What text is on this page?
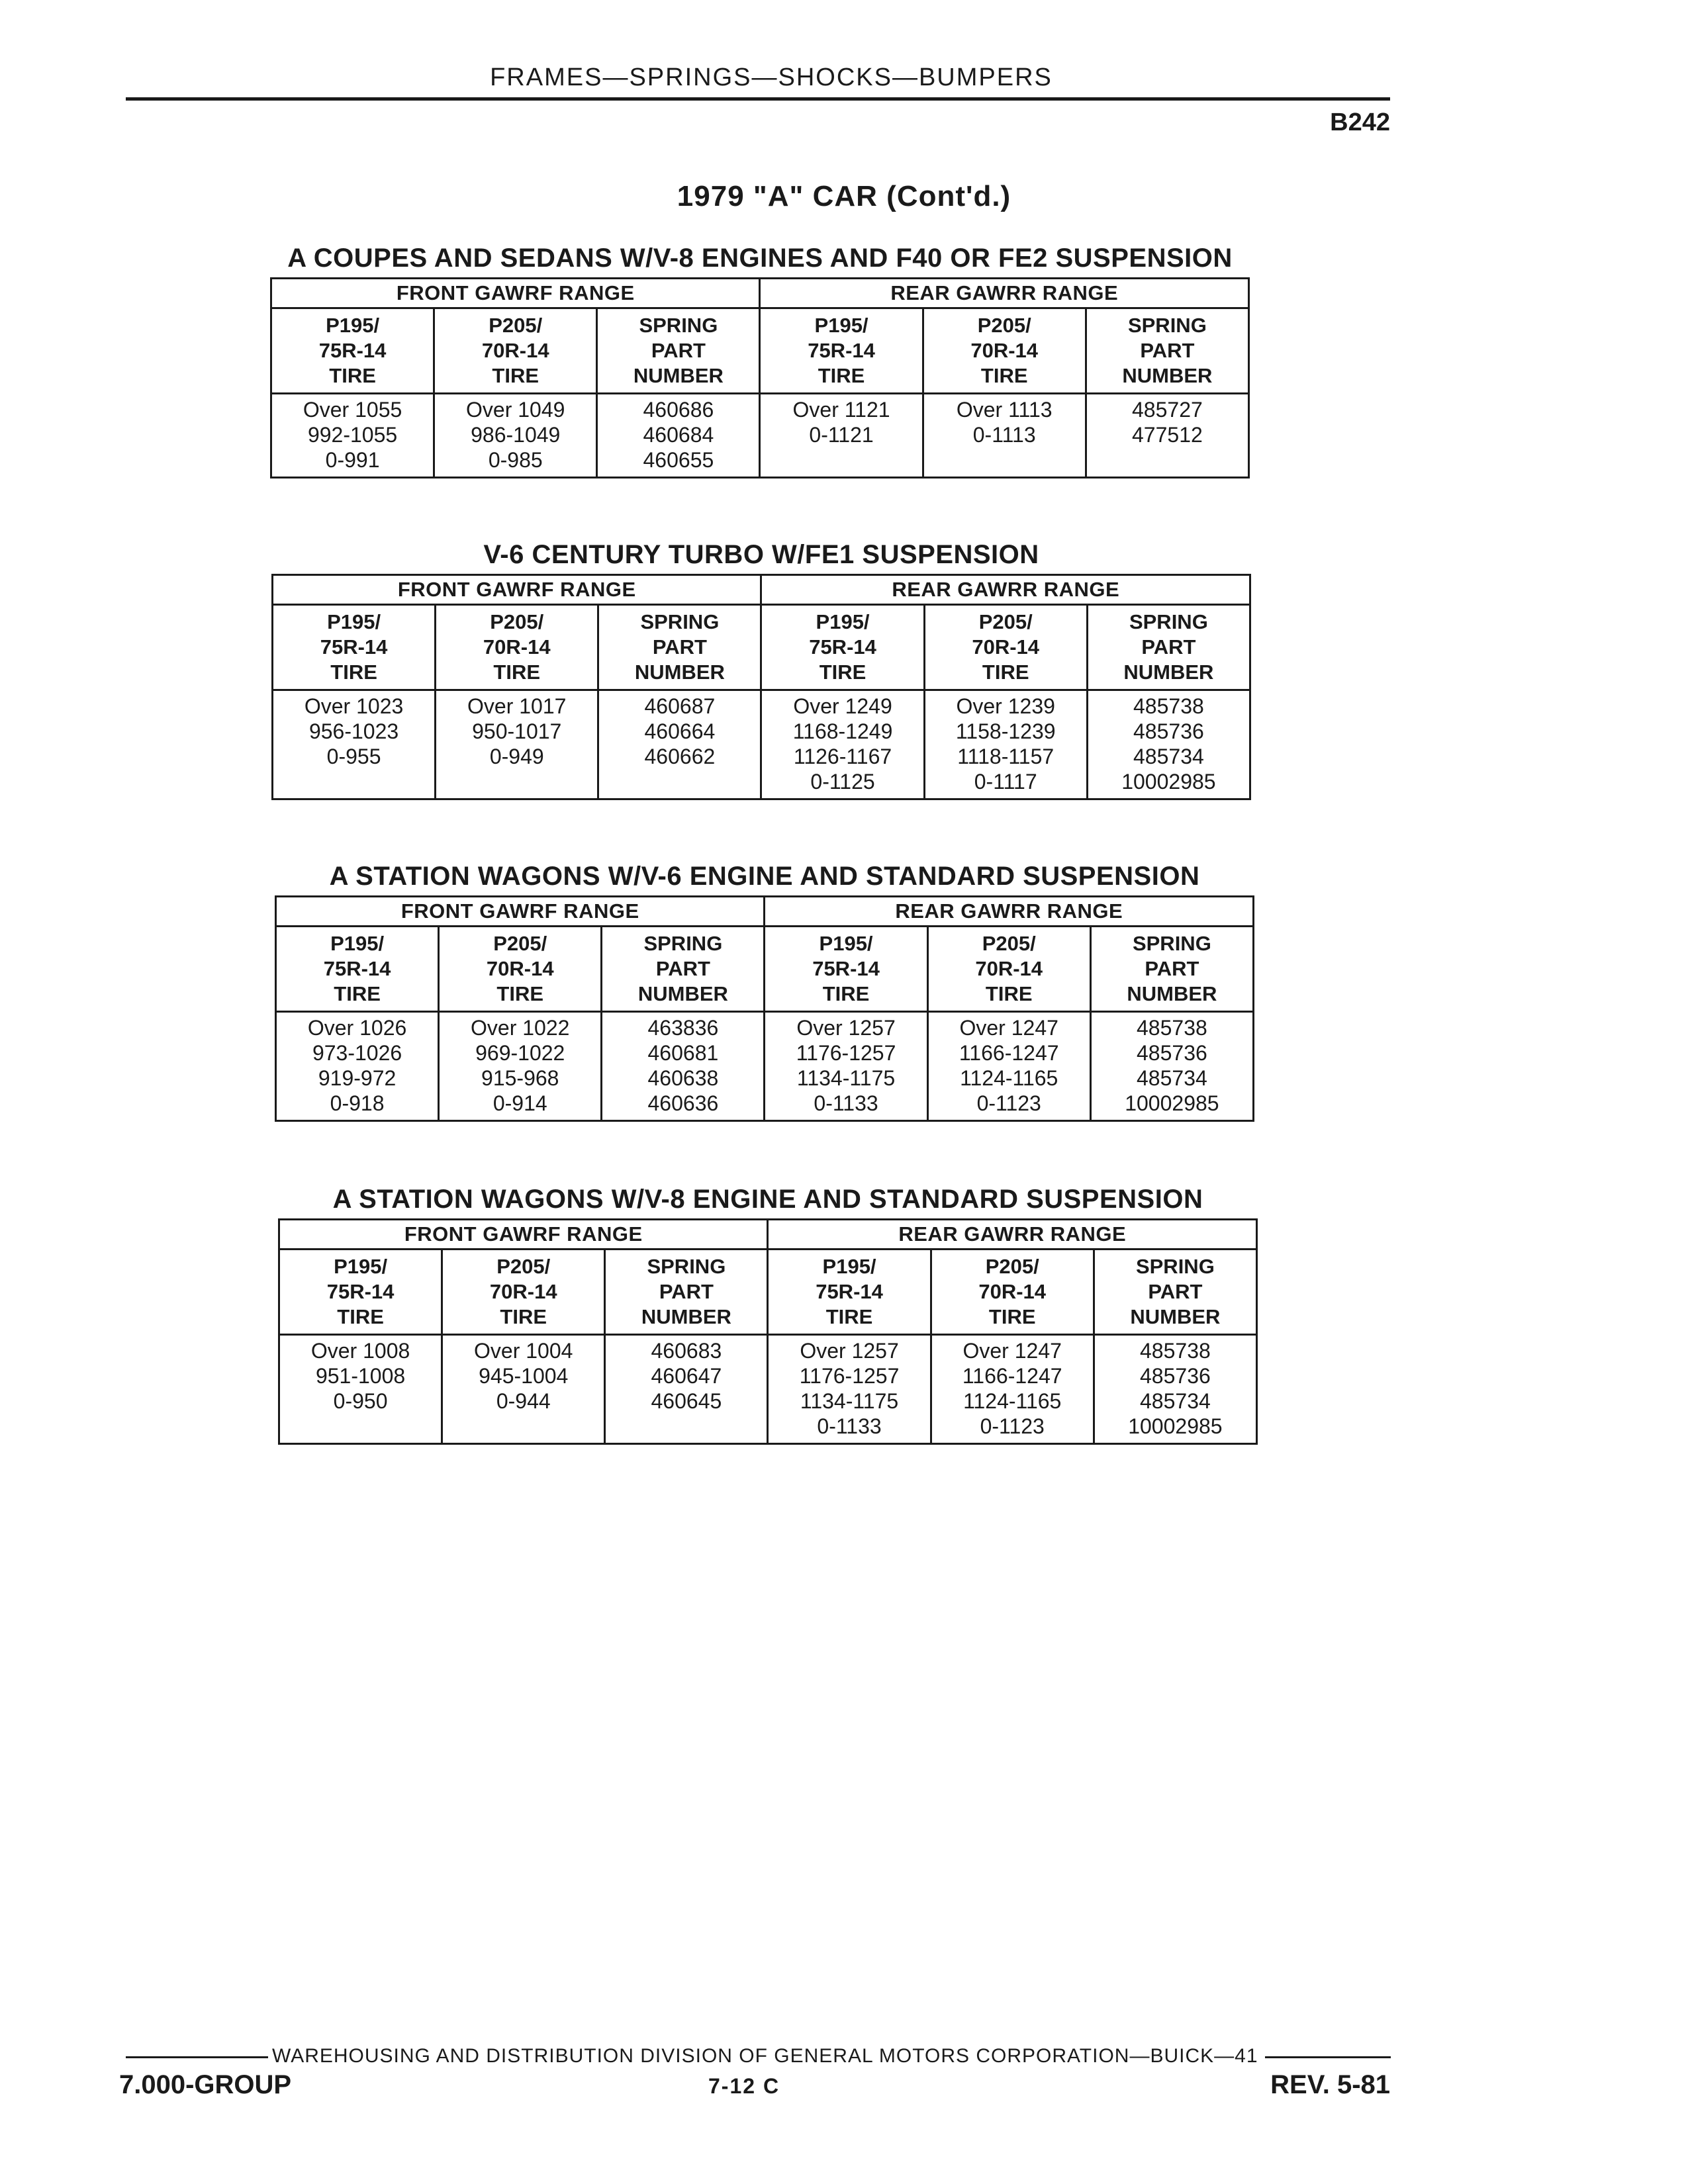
FRAMES—SPRINGS—SHOCKS—BUMPERS
B242
1979 "A" CAR (Cont'd.)
A COUPES AND SEDANS W/V-8 ENGINES AND F40 OR FE2 SUSPENSION
FRONT GAWRF RANGE			REAR GAWRR RANGE		

P195/
75R-14
TIRE	P205/
70R-14
TIRE	SPRING
PART
NUMBER	P195/
75R-14
TIRE	P205/
70R-14
TIRE	SPRING
PART
NUMBER

Over 1055
992-1055
0-991	Over 1049
986-1049
0-985	460686
460684
460655	Over 1121
0-1121	Over 1113
0-1113	485727
477512
V-6 CENTURY TURBO W/FE1 SUSPENSION
FRONT GAWRF RANGE			REAR GAWRR RANGE		

P195/
75R-14
TIRE	P205/
70R-14
TIRE	SPRING
PART
NUMBER	P195/
75R-14
TIRE	P205/
70R-14
TIRE	SPRING
PART
NUMBER

Over 1023
956-1023
0-955	Over 1017
950-1017
0-949	460687
460664
460662	Over 1249
1168-1249
1126-1167
0-1125	Over 1239
1158-1239
1118-1157
0-1117	485738
485736
485734
10002985
A STATION WAGONS W/V-6 ENGINE AND STANDARD SUSPENSION
FRONT GAWRF RANGE			REAR GAWRR RANGE		

P195/
75R-14
TIRE	P205/
70R-14
TIRE	SPRING
PART
NUMBER	P195/
75R-14
TIRE	P205/
70R-14
TIRE	SPRING
PART
NUMBER

Over 1026
973-1026
919-972
0-918	Over 1022
969-1022
915-968
0-914	463836
460681
460638
460636	Over 1257
1176-1257
1134-1175
0-1133	Over 1247
1166-1247
1124-1165
0-1123	485738
485736
485734
10002985
A STATION WAGONS W/V-8 ENGINE AND STANDARD SUSPENSION
FRONT GAWRF RANGE			REAR GAWRR RANGE		

P195/
75R-14
TIRE	P205/
70R-14
TIRE	SPRING
PART
NUMBER	P195/
75R-14
TIRE	P205/
70R-14
TIRE	SPRING
PART
NUMBER

Over 1008
951-1008
0-950	Over 1004
945-1004
0-944	460683
460647
460645	Over 1257
1176-1257
1134-1175
0-1133	Over 1247
1166-1247
1124-1165
0-1123	485738
485736
485734
10002985
WAREHOUSING AND DISTRIBUTION DIVISION OF GENERAL MOTORS CORPORATION—BUICK—41
7.000-GROUP	7-12 C	REV. 5-81
